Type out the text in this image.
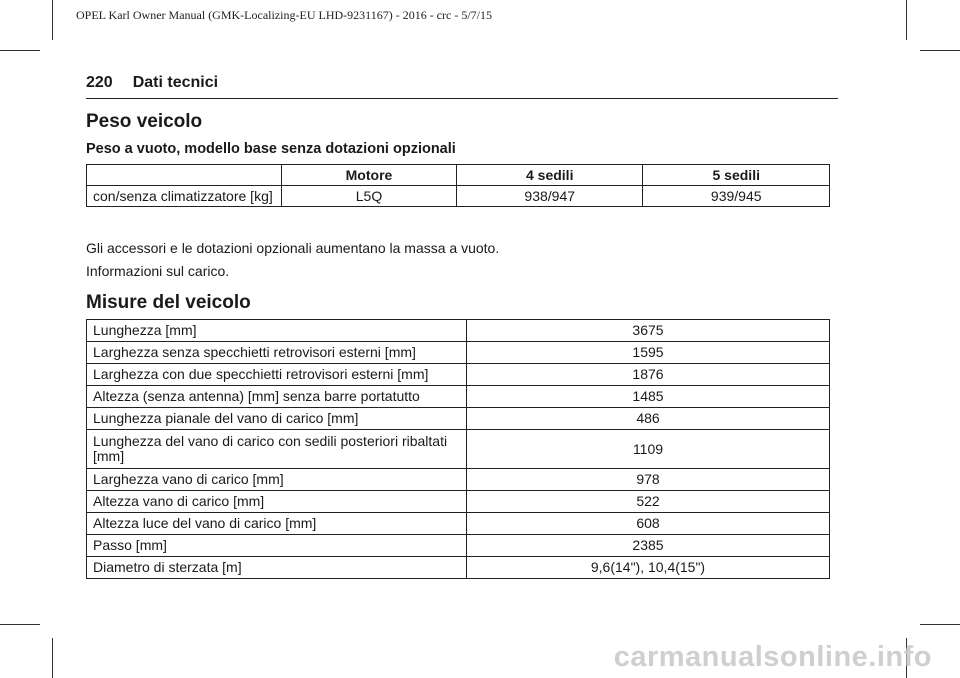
OPEL Karl Owner Manual (GMK-Localizing-EU LHD-9231167) - 2016 - crc - 5/7/15
220 Dati tecnici
Peso veicolo
Peso a vuoto, modello base senza dotazioni opzionali
	Motore	4 sedili	5 sedili
con/senza climatizzatore [kg]	L5Q	938/947	939/945

Gli accessori e le dotazioni opzionali aumentano la massa a vuoto.

Informazioni sul carico.

Misure del veicolo
Lunghezza [mm]	3675
Larghezza senza specchietti retrovisori esterni [mm]	1595
Larghezza con due specchietti retrovisori esterni [mm]	1876
Altezza (senza antenna) [mm] senza barre portatutto	1485
Lunghezza pianale del vano di carico [mm]	486
Lunghezza del vano di carico con sedili posteriori ribaltati [mm]	1109
Larghezza vano di carico [mm]	978
Altezza vano di carico [mm]	522
Altezza luce del vano di carico [mm]	608
Passo [mm]	2385
Diametro di sterzata [m]	9,6(14"), 10,4(15")
carmanualsonline.info
